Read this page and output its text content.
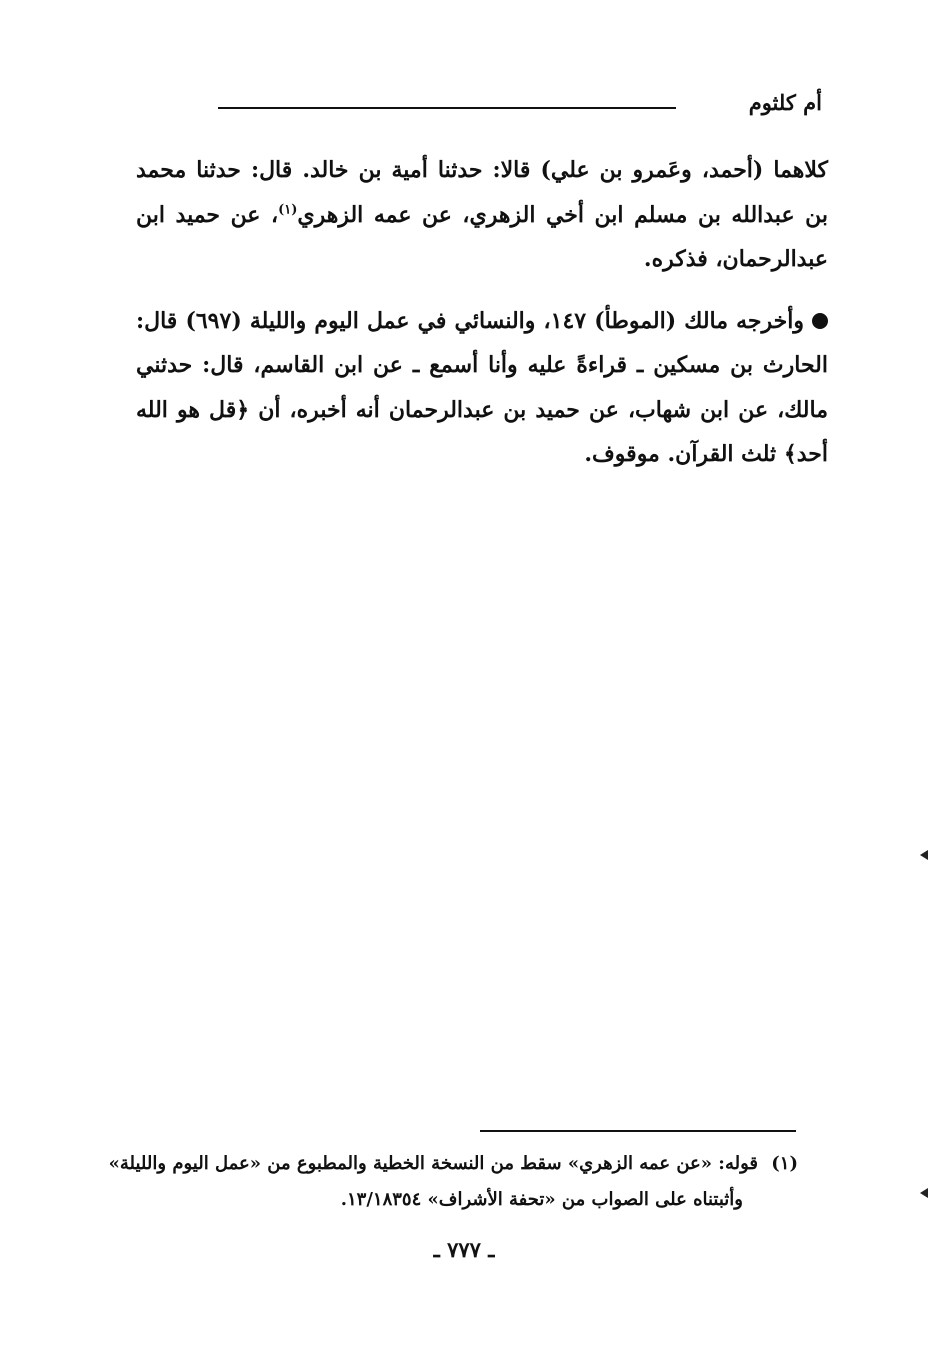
أم كلثوم

كلاهما (أحمد، وعَمرو بن علي) قالا: حدثنا أمية بن خالد. قال: حدثنا محمد بن عبدالله بن مسلم ابن أخي الزهري، عن عمه الزهري$^{(١)}$، عن حميد ابن عبدالرحمان، فذكره.

وأخرجه مالك (الموطأ) ١٤٧، والنسائي في عمل اليوم والليلة (٦٩٧) قال: الحارث بن مسكين ـ قراءةً عليه وأنا أسمع ـ عن ابن القاسم، قال: حدثني مالك، عن ابن شهاب، عن حميد بن عبدالرحمان أنه أخبره، أن ﴿قل هو الله أحد﴾ ثلث القرآن. موقوف.

(١)
قوله: «عن عمه الزهري» سقط من النسخة الخطية والمطبوع من «عمل اليوم والليلة»
وأثبتناه على الصواب من «تحفة الأشراف» ١٣/١٨٣٥٤.
ـ ٧٧٧ ـ
